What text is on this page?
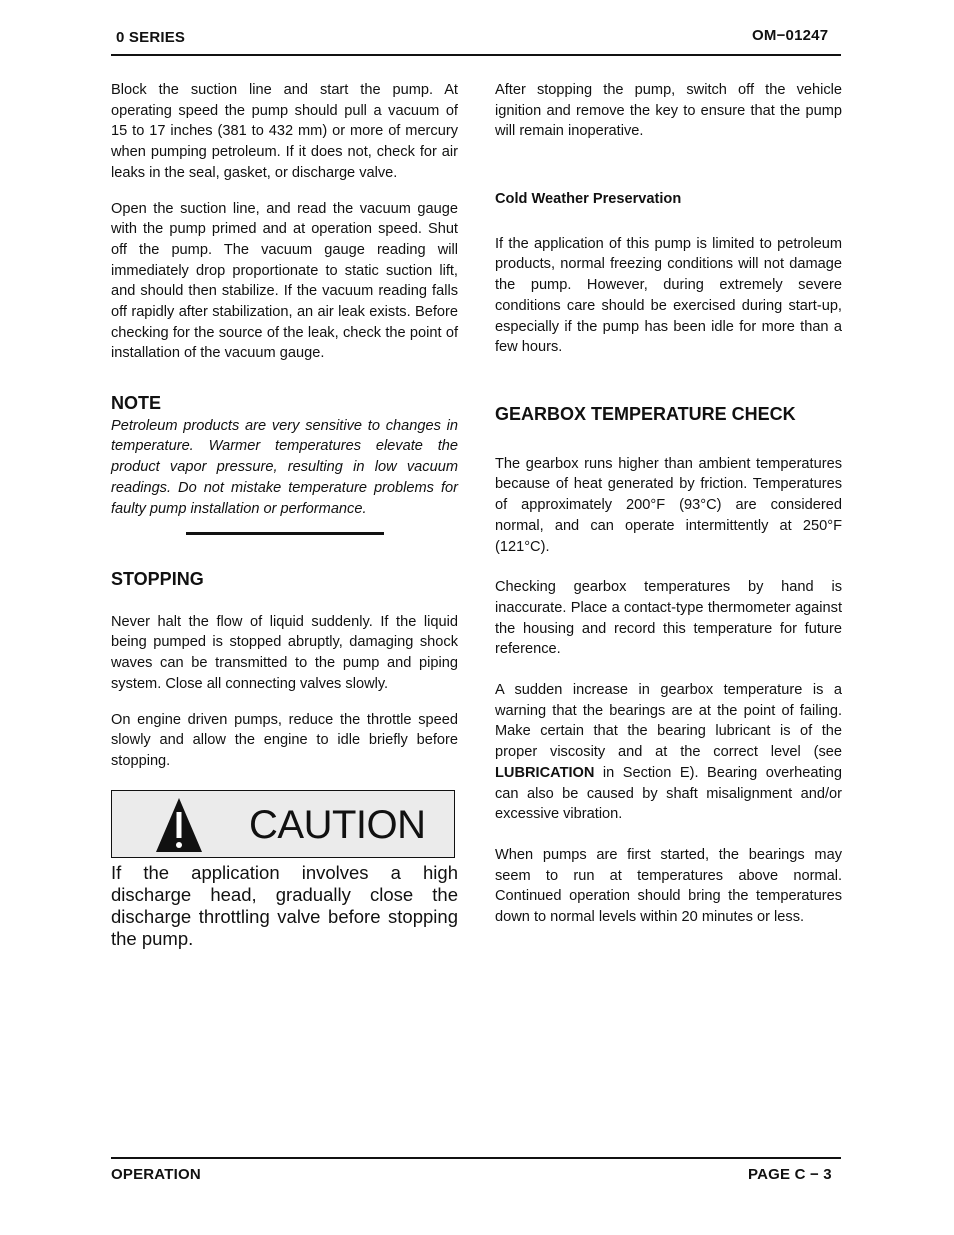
0 SERIES	OM−01247

Block the suction line and start the pump. At operating speed the pump should pull a vacuum of 15 to 17 inches (381 to 432 mm) or more of mercury when pumping petroleum. If it does not, check for air leaks in the seal, gasket, or discharge valve.

Open the suction line, and read the vacuum gauge with the pump primed and at operation speed. Shut off the pump. The vacuum gauge reading will immediately drop proportionate to static suction lift, and should then stabilize. If the vacuum reading falls off rapidly after stabilization, an air leak exists. Before checking for the source of the leak, check the point of installation of the vacuum gauge.

NOTE

Petroleum products are very sensitive to changes in temperature. Warmer temperatures elevate the product vapor pressure, resulting in low vacuum readings. Do not mistake temperature problems for faulty pump installation or performance.

STOPPING

Never halt the flow of liquid suddenly. If the liquid being pumped is stopped abruptly, damaging shock waves can be transmitted to the pump and piping system. Close all connecting valves slowly.

On engine driven pumps, reduce the throttle speed slowly and allow the engine to idle briefly before stopping.

CAUTION

If the application involves a high discharge head, gradually close the discharge throttling valve before stopping the pump.

After stopping the pump, switch off the vehicle ignition and remove the key to ensure that the pump will remain inoperative.

Cold Weather Preservation

If the application of this pump is limited to petroleum products, normal freezing conditions will not damage the pump. However, during extremely severe conditions care should be exercised during start-up, especially if the pump has been idle for more than a few hours.

GEARBOX TEMPERATURE CHECK

The gearbox runs higher than ambient temperatures because of heat generated by friction. Temperatures of approximately 200°F (93°C) are considered normal, and can operate intermittently at 250°F (121°C).

Checking gearbox temperatures by hand is inaccurate. Place a contact-type thermometer against the housing and record this temperature for future reference.

A sudden increase in gearbox temperature is a warning that the bearings are at the point of failing. Make certain that the bearing lubricant is of the proper viscosity and at the correct level (see LUBRICATION in Section E). Bearing overheating can also be caused by shaft misalignment and/or excessive vibration.

When pumps are first started, the bearings may seem to run at temperatures above normal. Continued operation should bring the temperatures down to normal levels within 20 minutes or less.

OPERATION	PAGE C − 3
